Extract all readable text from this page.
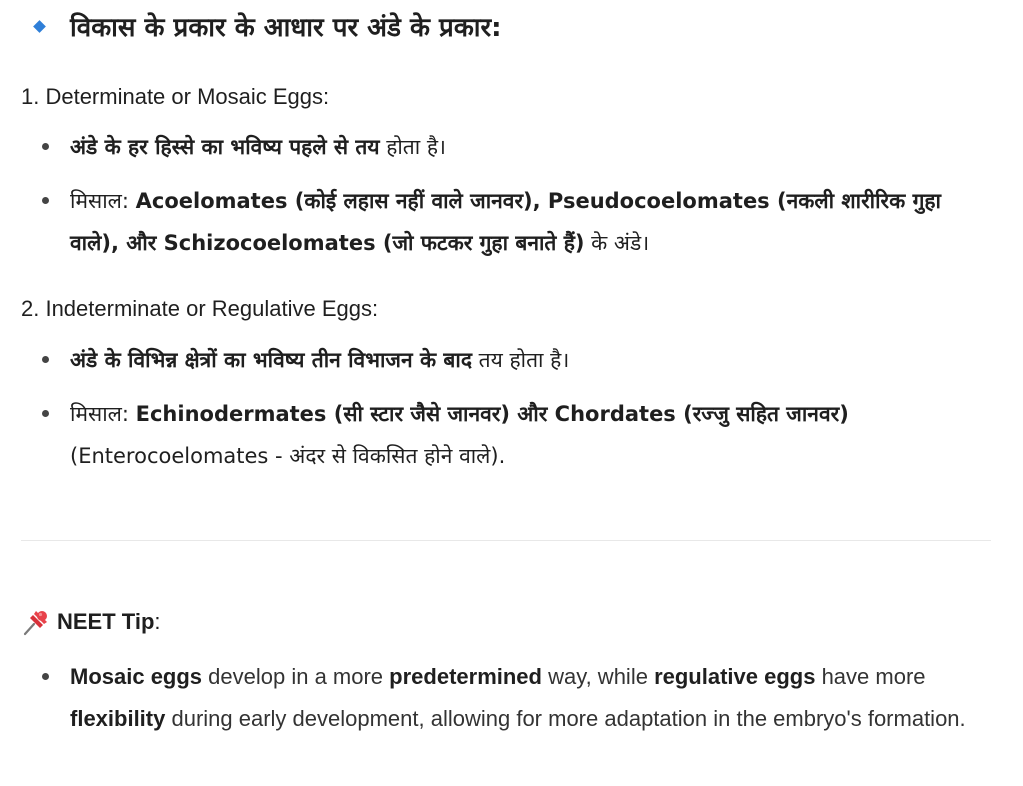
विकास के प्रकार के आधार पर अंडे के प्रकार:
1. Determinate or Mosaic Eggs:
अंडे के हर हिस्से का भविष्य पहले से तय होता है।
मिसाल: Acoelomates (कोई लहास नहीं वाले जानवर), Pseudocoelomates (नकली शारीरिक गुहा वाले), और Schizocoelomates (जो फटकर गुहा बनाते हैं) के अंडे।
2. Indeterminate or Regulative Eggs:
अंडे के विभिन्न क्षेत्रों का भविष्य तीन विभाजन के बाद तय होता है।
मिसाल: Echinodermates (सी स्टार जैसे जानवर) और Chordates (रज्जु सहित जानवर) (Enterocoelomates - अंदर से विकसित होने वाले).
NEET Tip :
Mosaic eggs develop in a more predetermined way, while regulative eggs have more flexibility during early development, allowing for more adaptation in the embryo's formation.
